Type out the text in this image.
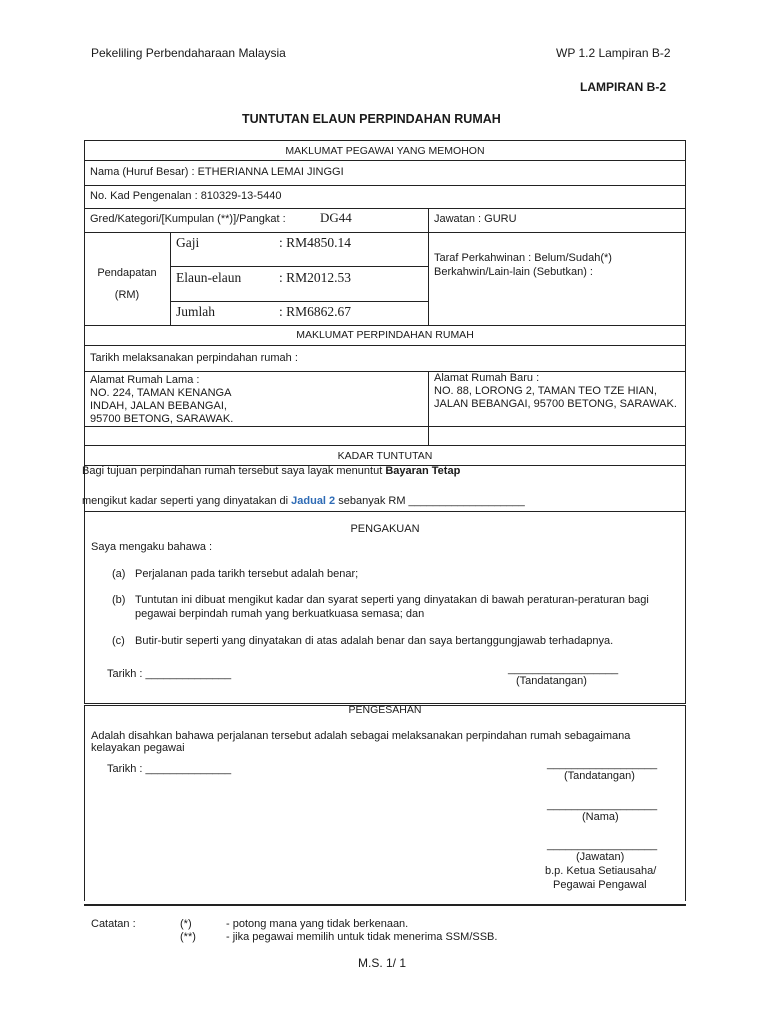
Pekeliling Perbendaharaan Malaysia	WP 1.2 Lampiran B-2
LAMPIRAN B-2
TUNTUTAN ELAUN PERPINDAHAN RUMAH
MAKLUMAT PEGAWAI YANG MEMOHON
Nama (Huruf Besar) : ETHERIANNA LEMAI JINGGI
No. Kad Pengenalan : 810329-13-5440
Gred/Kategori/[Kumpulan (**)]/Pangkat :	DG44	Jawatan : GURU
Pendapatan
(RM)
Gaji	: RM4850.14
Elaun-elaun	: RM2012.53
Jumlah	: RM6862.67
Taraf Perkahwinan : Belum/Sudah(*)
Berkahwin/Lain-lain (Sebutkan) :
MAKLUMAT PERPINDAHAN RUMAH
Tarikh melaksanakan perpindahan rumah :
Alamat Rumah Lama :
NO. 224, TAMAN KENANGA
INDAH, JALAN BEBANGAI,
95700 BETONG, SARAWAK.
Alamat Rumah Baru :
NO. 88, LORONG 2, TAMAN TEO TZE HIAN,
JALAN BEBANGAI, 95700 BETONG, SARAWAK.
KADAR TUNTUTAN
Bagi tujuan perpindahan rumah tersebut saya layak menuntut Bayaran Tetap
mengikut kadar seperti yang dinyatakan di Jadual 2 sebanyak RM ___________________
PENGAKUAN
Saya mengaku bahawa :
(a) Perjalanan pada tarikh tersebut adalah benar;
(b) Tuntutan ini dibuat mengikut kadar dan syarat seperti yang dinyatakan di bawah peraturan-peraturan bagi
pegawai berpindah rumah yang berkuatkuasa semasa; dan
(c) Butir-butir seperti yang dinyatakan di atas adalah benar dan saya bertanggungjawab terhadapnya.
Tarikh : ______________	__________________
(Tandatangan)
PENGESAHAN
Adalah disahkan bahawa perjalanan tersebut adalah sebagai melaksanakan perpindahan rumah sebagaimana
kelayakan pegawai
Tarikh : ______________	__________________
(Tandatangan)
__________________
(Nama)
__________________
(Jawatan)
b.p. Ketua Setiausaha/
Pegawai Pengawal
Catatan :	(*)	- potong mana yang tidak berkenaan.
(**)	- jika pegawai memilih untuk tidak menerima SSM/SSB.
M.S. 1/ 1
